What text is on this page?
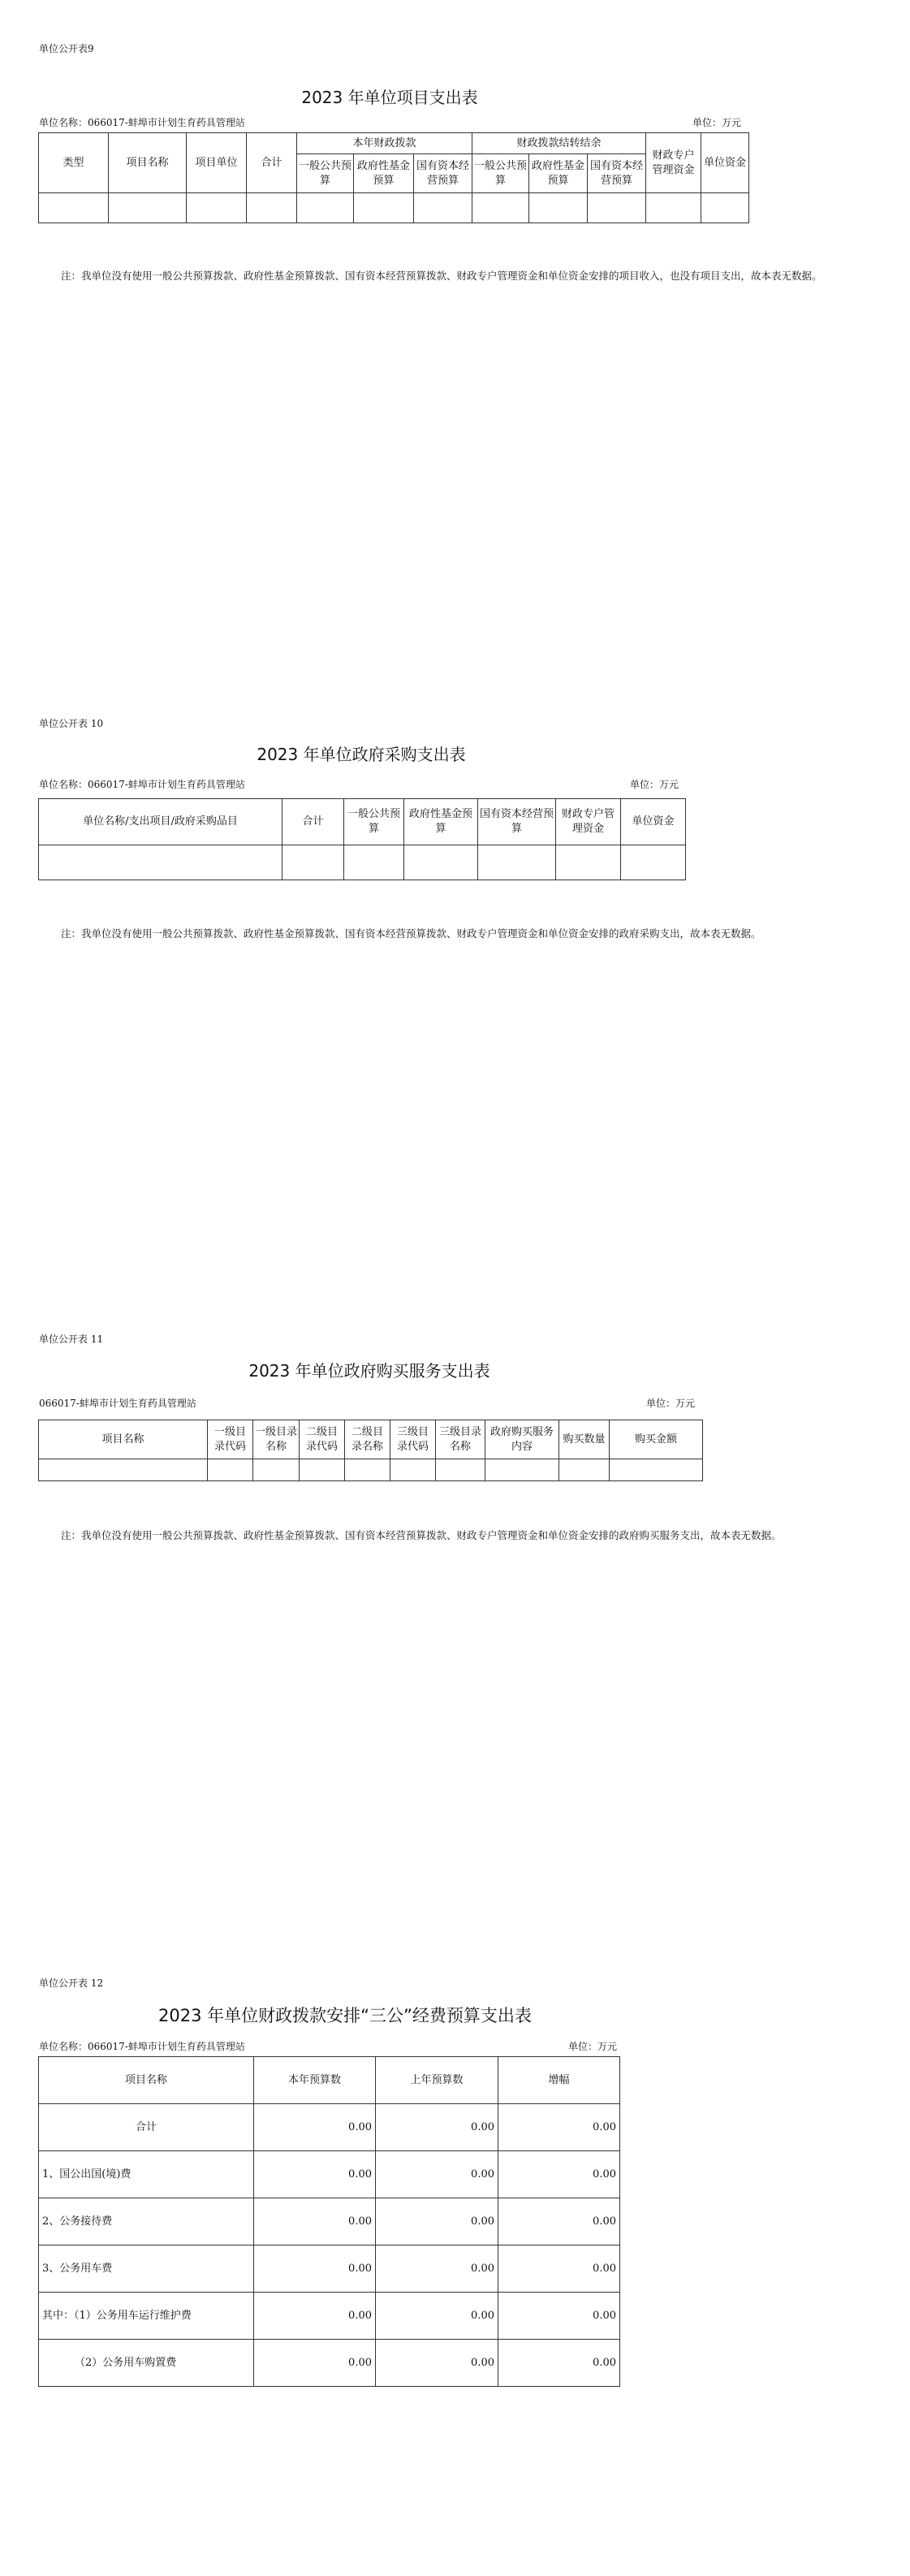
单位公开表9
2023 年单位项目支出表
单位名称：066017-蚌埠市计划生育药具管理站	单位：万元
类型	项目名称	项目单位	合计	本年财政拨款			财政拨款结转结余			财政专户管理资金	单位资金
				一般公共预算	政府性基金预算	国有资本经营预算	一般公共预算	政府性基金预算	国有资本经营预算		

注：我单位没有使用一般公共预算拨款、政府性基金预算拨款、国有资本经营预算拨款、财政专户管理资金和单位资金安排的项目收入，也没有项目支出，故本表无数据。
单位公开表 10
2023 年单位政府采购支出表
单位名称：066017-蚌埠市计划生育药具管理站	单位：万元
单位名称/支出项目/政府采购品目	合计	一般公共预算	政府性基金预算	国有资本经营预算	财政专户管理资金	单位资金

注：我单位没有使用一般公共预算拨款、政府性基金预算拨款、国有资本经营预算拨款、财政专户管理资金和单位资金安排的政府采购支出，故本表无数据。
单位公开表 11
2023 年单位政府购买服务支出表
066017-蚌埠市计划生育药具管理站	单位：万元
项目名称	一级目录代码	一级目录名称	二级目录代码	二级目录名称	三级目录代码	三级目录名称	政府购买服务内容	购买数量	购买金额

注：我单位没有使用一般公共预算拨款、政府性基金预算拨款、国有资本经营预算拨款、财政专户管理资金和单位资金安排的政府购买服务支出，故本表无数据。
单位公开表 12
2023 年单位财政拨款安排“三公”经费预算支出表
单位名称：066017-蚌埠市计划生育药具管理站	单位：万元
项目名称	本年预算数	上年预算数	增幅
合计	0.00	0.00	0.00
1、国公出国(境)费	0.00	0.00	0.00
2、公务接待费	0.00	0.00	0.00
3、公务用车费	0.00	0.00	0.00
其中：（1）公务用车运行维护费	0.00	0.00	0.00
（2）公务用车购置费	0.00	0.00	0.00
